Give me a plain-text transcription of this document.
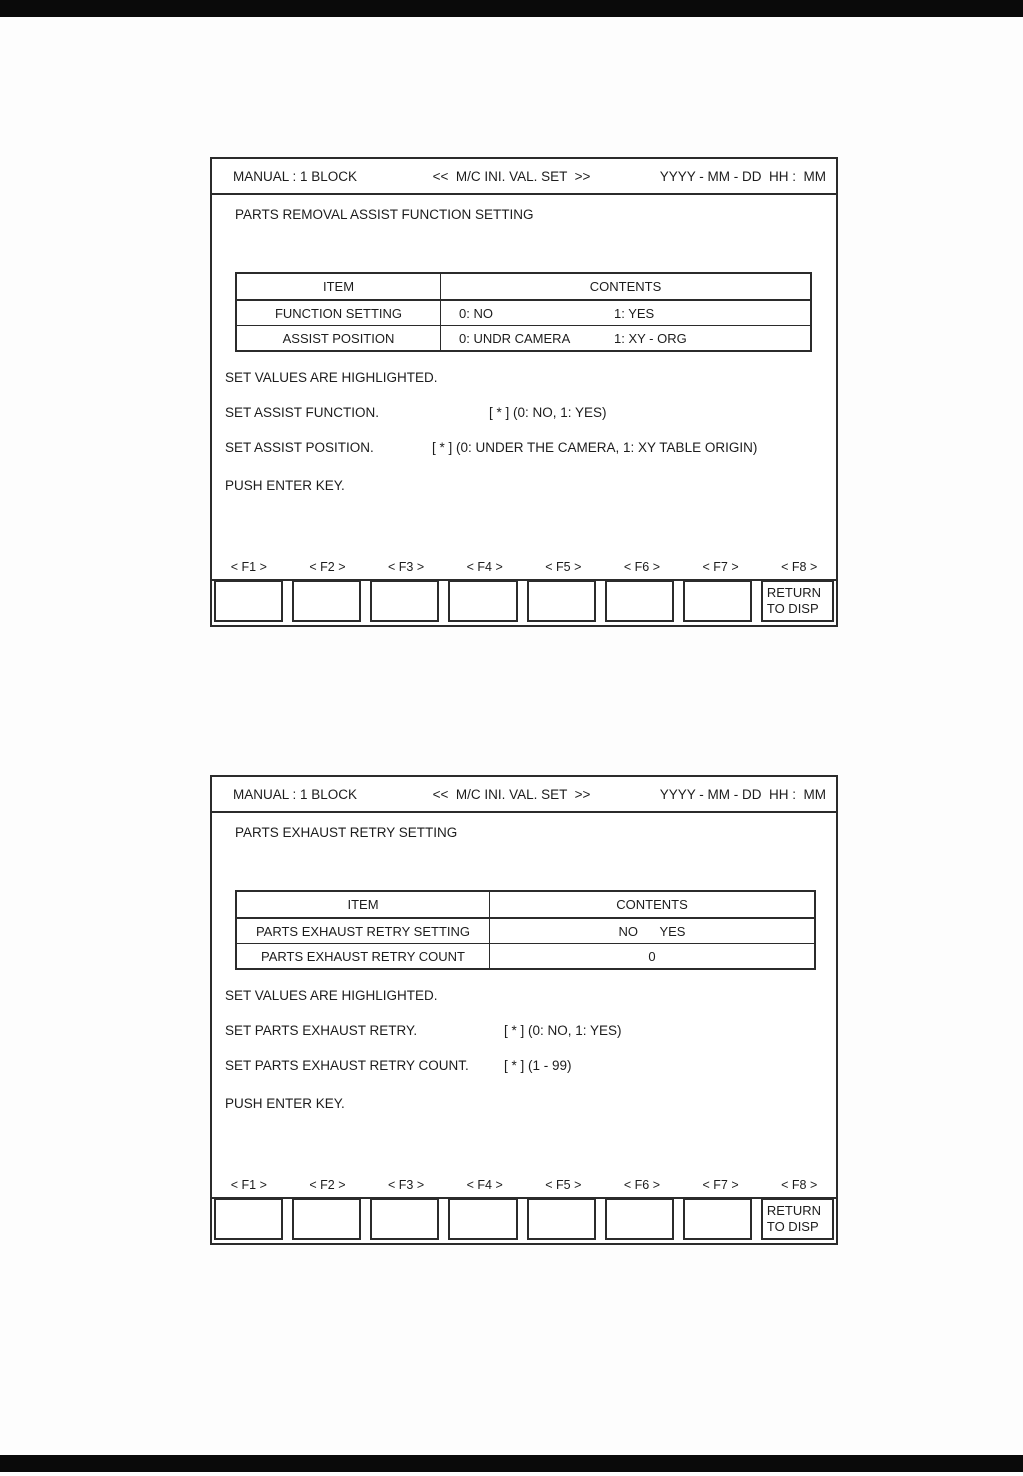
MANUAL : 1 BLOCK	<<  M/C INI. VAL. SET  >>	YYYY - MM - DD  HH :  MM
PARTS REMOVAL ASSIST FUNCTION SETTING
ITEM	CONTENTS
FUNCTION SETTING	0: NO	1: YES
ASSIST POSITION	0: UNDR CAMERA	1: XY - ORG
SET VALUES ARE HIGHLIGHTED.
SET ASSIST FUNCTION.	[ * ] (0: NO, 1: YES)
SET ASSIST POSITION.	[ * ] (0: UNDER THE CAMERA, 1: XY TABLE ORIGIN)
PUSH ENTER KEY.
< F1 >	< F2 >	< F3 >	< F4 >	< F5 >	< F6 >	< F7 >	< F8 >
RETURN
TO DISP
MANUAL : 1 BLOCK	<<  M/C INI. VAL. SET  >>	YYYY - MM - DD  HH :  MM
PARTS EXHAUST RETRY SETTING
ITEM	CONTENTS
PARTS EXHAUST RETRY SETTING	NO      YES
PARTS EXHAUST RETRY COUNT	0
SET VALUES ARE HIGHLIGHTED.
SET PARTS EXHAUST RETRY.	[ * ] (0: NO, 1: YES)
SET PARTS EXHAUST RETRY COUNT.	[ * ] (1 - 99)
PUSH ENTER KEY.
< F1 >	< F2 >	< F3 >	< F4 >	< F5 >	< F6 >	< F7 >	< F8 >
RETURN
TO DISP
